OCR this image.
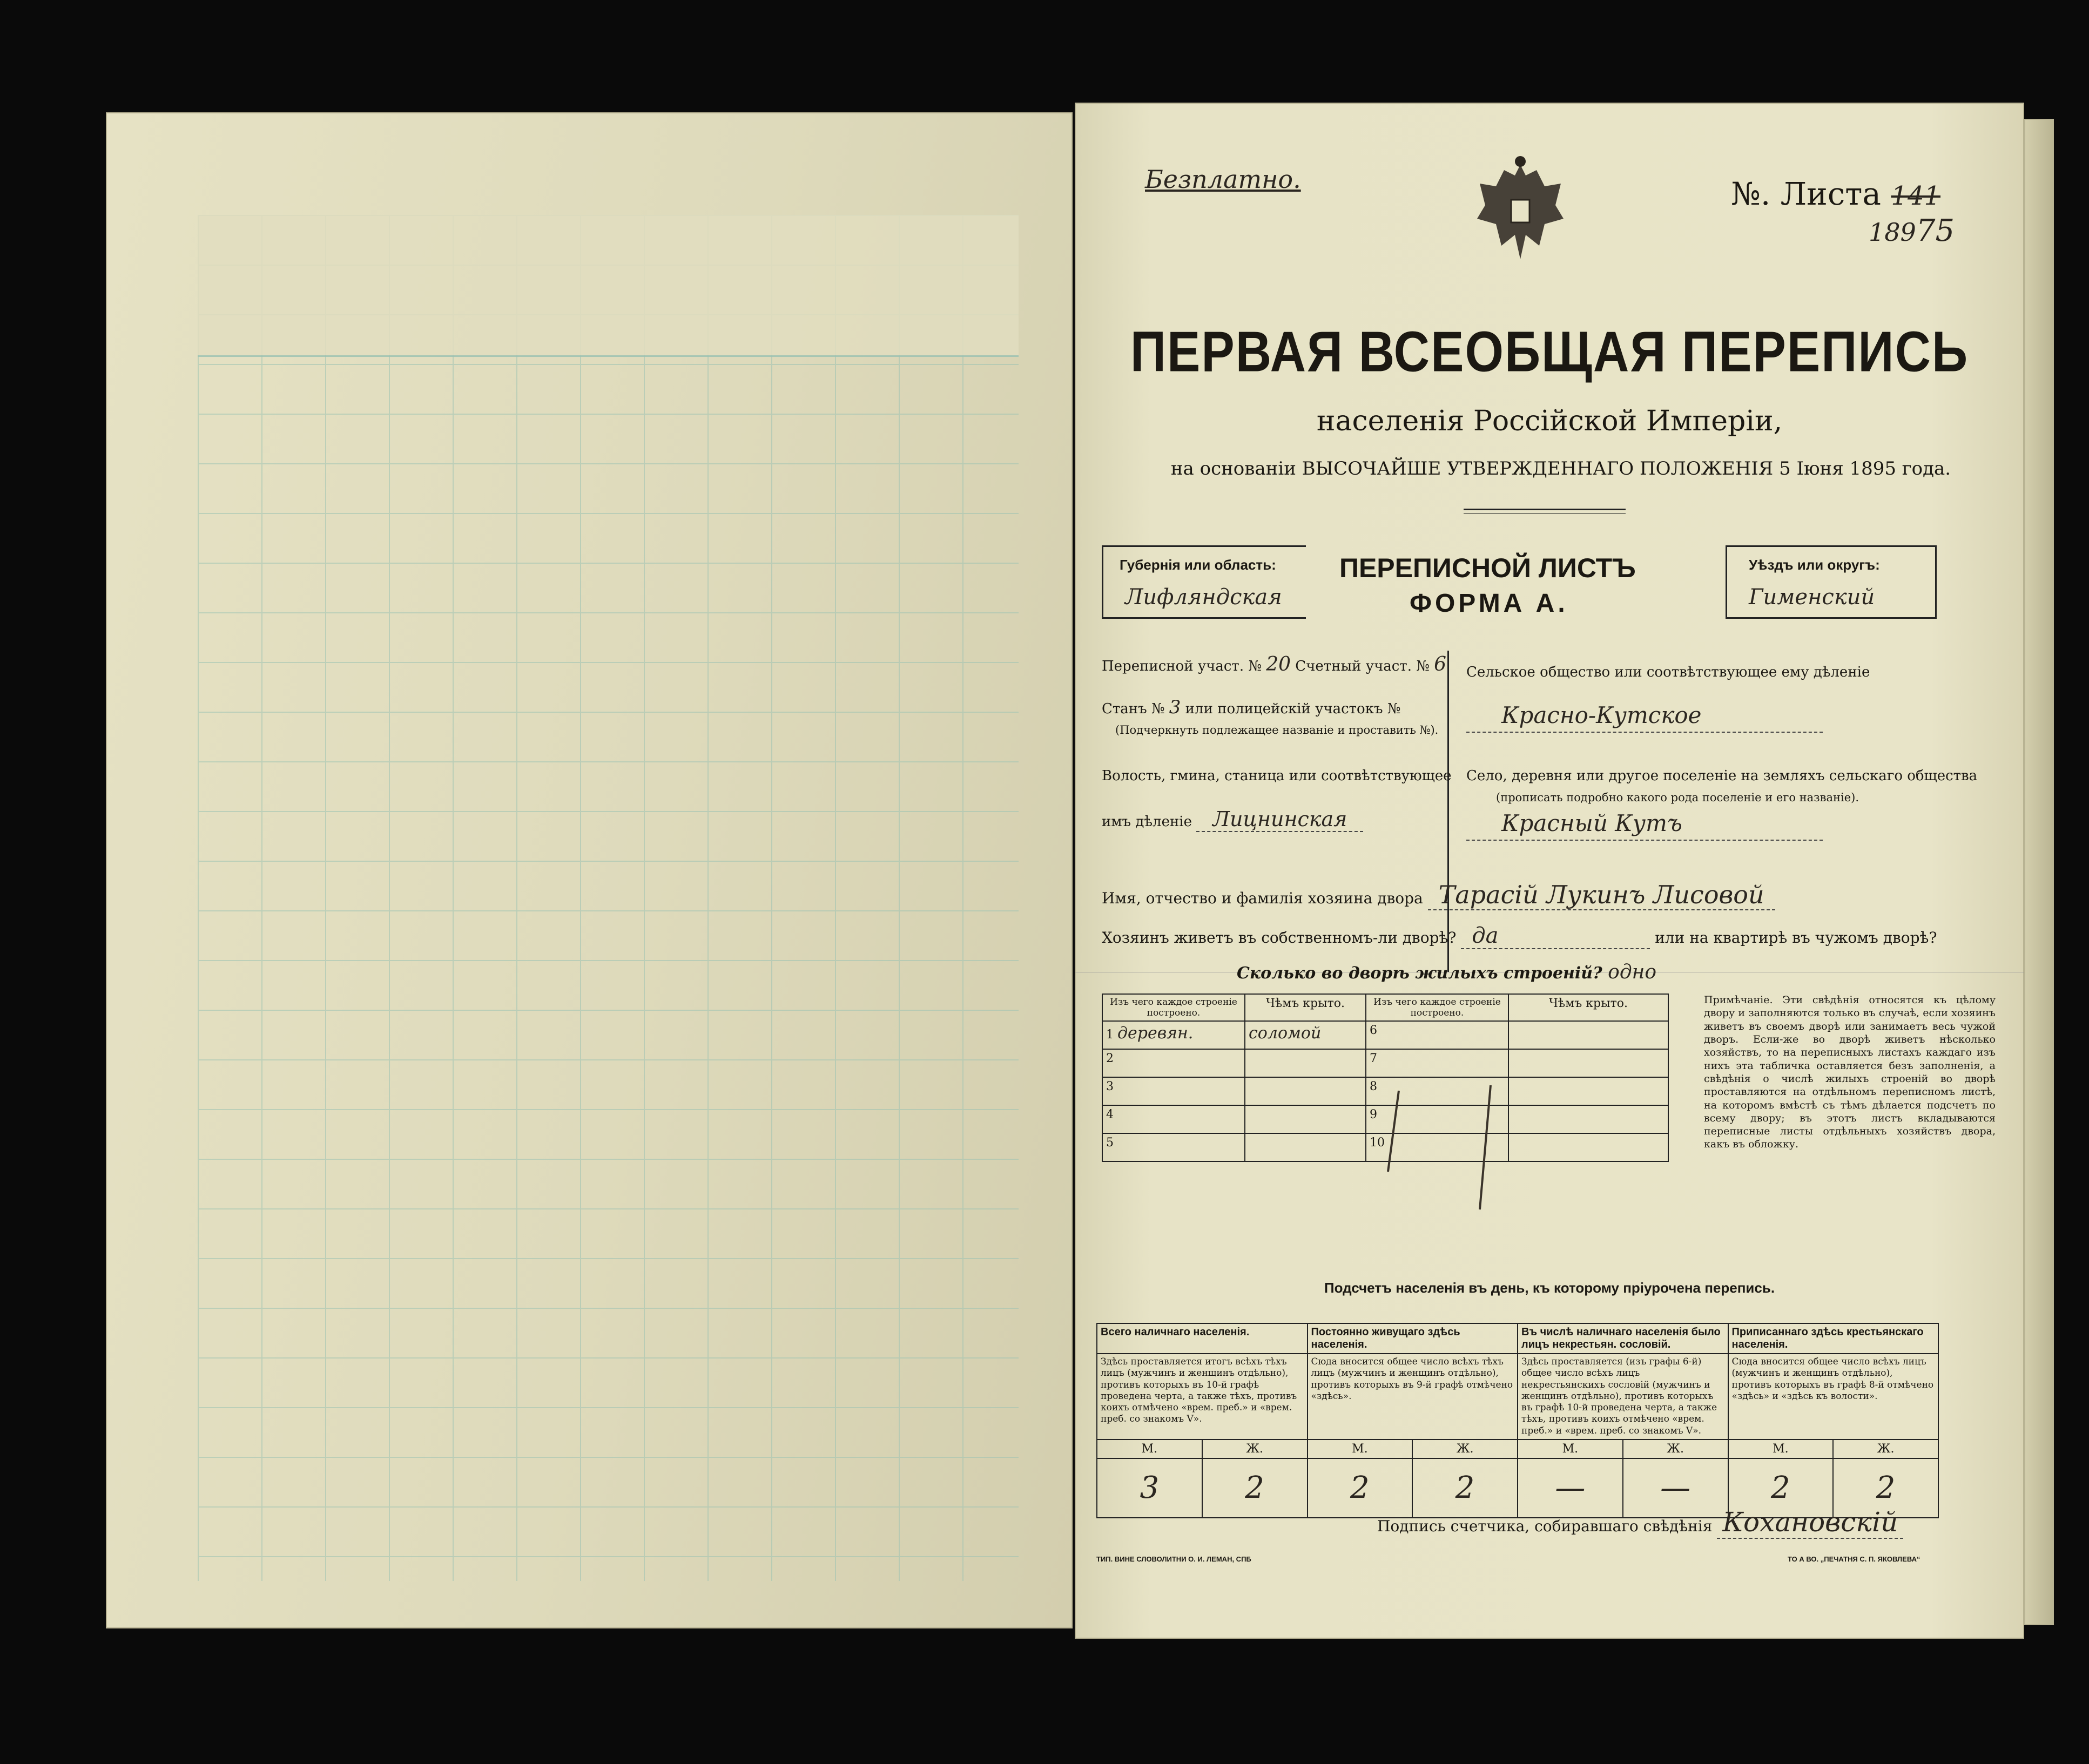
Безплатно.	№. Листа 141
18975
ПЕРВАЯ ВСЕОБЩАЯ ПЕРЕПИСЬ
населенія Россійской Имперіи,
на основаніи ВЫСОЧАЙШЕ УТВЕРЖДЕННАГО ПОЛОЖЕНІЯ 5 Іюня 1895 года.
Губернія или область:
Лифляндская
ПЕРЕПИСНОЙ ЛИСТЪ
ФОРМА А.
Уѣздъ или округъ:
Гименский
Переписной участ. № 20 Счетный участ. № 6
Станъ № 3 или полицейскій участокъ №
(Подчеркнуть подлежащее названіе и проставить №).
Волость, гмина, станица или соотвѣтствующее
имъ дѣленіе Лицнинская
Сельское общество или соотвѣтствующее ему дѣленіе
Красно-Кутское
Село, деревня или другое поселеніе на земляхъ сельскаго общества
(прописать подробно какого рода поселеніе и его названіе).
Красный Кутъ
Имя, отчество и фамилія хозяина двора Тарасій Лукинъ Лисовой
Хозяинъ живетъ въ собственномъ-ли дворѣ? да	или на квартирѣ въ чужомъ дворѣ?
Сколько во дворѣ жилыхъ строеній? одно
Изъ чего каждое строеніе построено.	Чѣмъ крыто.	Изъ чего каждое строеніе построено.	Чѣмъ крыто.
1 деревян.	соломой	6	
2		7	
3		8	
4		9	
5		10	
Примѣчаніе. Эти свѣдѣнія относятся къ цѣлому двору и заполняются только въ случаѣ, если хозяинъ живетъ въ своемъ дворѣ или занимаетъ весь чужой дворъ. Если-же во дворѣ живетъ нѣсколько хозяйствъ, то на переписныхъ листахъ каждаго изъ нихъ эта табличка оставляется безъ заполненія, а свѣдѣнія о числѣ жилыхъ строеній во дворѣ проставляются на отдѣльномъ переписномъ листѣ, на которомъ вмѣстѣ съ тѣмъ дѣлается подсчетъ по всему двору; въ этотъ листъ вкладываются переписные листы отдѣльныхъ хозяйствъ двора, какъ въ обложку.
Подсчетъ населенія въ день, къ которому пріурочена перепись.
Всего наличнаго населенія.		Постоянно живущаго здѣсь населенія.		Въ числѣ наличнаго населенія было лицъ некрестьян. сословій.		Приписаннаго здѣсь крестьянскаго населенія.	
Здѣсь проставляется итогъ всѣхъ тѣхъ лицъ (мужчинъ и женщинъ отдѣльно), противъ которыхъ въ 10-й графѣ проведена черта, а также тѣхъ, противъ коихъ отмѣчено «врем. преб.» и «врем. преб. со знакомъ V».		Сюда вносится общее число всѣхъ тѣхъ лицъ (мужчинъ и женщинъ отдѣльно), противъ которыхъ въ 9-й графѣ отмѣчено «здѣсь».		Здѣсь проставляется (изъ графы 6-й) общее число всѣхъ лицъ некрестьянскихъ сословій (мужчинъ и женщинъ отдѣльно), противъ которыхъ въ графѣ 10-й проведена черта, а также тѣхъ, противъ коихъ отмѣчено «врем. преб.» и «врем. преб. со знакомъ V».		Сюда вносится общее число всѣхъ лицъ (мужчинъ и женщинъ отдѣльно), противъ которыхъ въ графѣ 8-й отмѣчено «здѣсь» и «здѣсь къ волости».	
М.	Ж.	М.	Ж.	М.	Ж.	М.	Ж.
3	2	2	2	—	—	2	2
Подпись счетчика, собиравшаго свѣдѣнія Кохановскій
ТИП. ВИНЕ СЛОВОЛИТНИ О. И. ЛЕМАН, СПБ	ТО А ВО. „ПЕЧАТНЯ С. П. ЯКОВЛЕВА“
